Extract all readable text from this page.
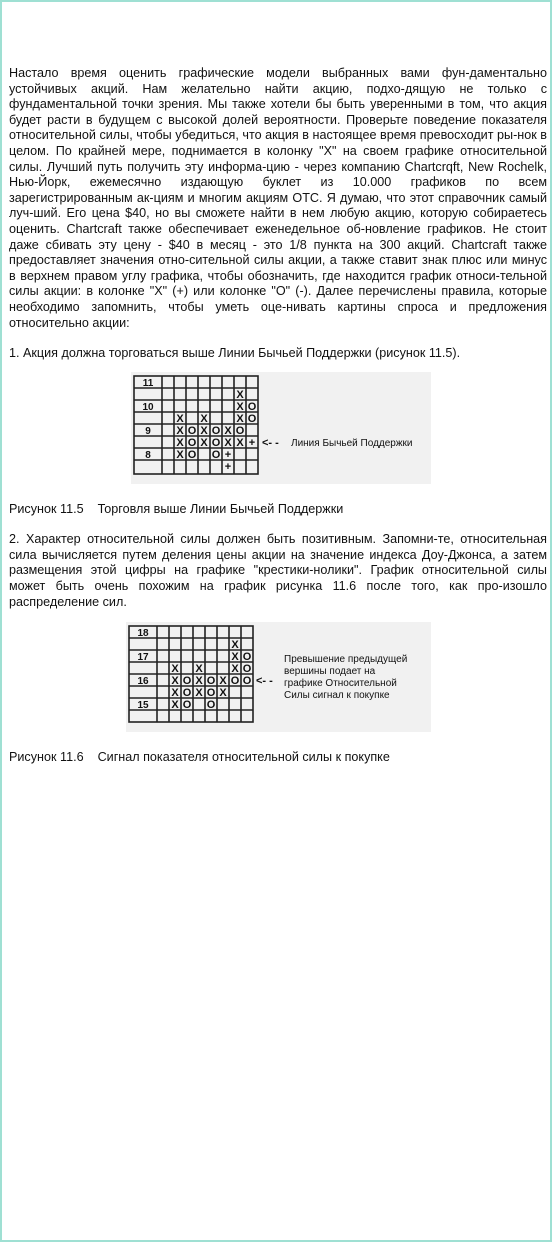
Настало время оценить графические модели выбранных вами фун-даментально устойчивых акций. Нам желательно найти акцию, подхо-дящую не только с фундаментальной точки зрения. Мы также хотели бы быть уверенными в том, что акция будет расти в будущем с высокой долей вероятности. Проверьте поведение показателя относительной силы, чтобы убедиться, что акция в настоящее время превосходит ры-нок в целом. По крайней мере, поднимается в колонку "X" на своем графике относительной силы. Лучший путь получить эту информа-цию - через компанию Chartcrqft, New Rochelk, Нью-Йорк, ежемесячно издающую буклет из 10.000 графиков по всем зарегистрированным ак-циям и многим акциям ОТС. Я думаю, что этот справочник самый луч-ший. Его цена $40, но вы сможете найти в нем любую акцию, которую собираетесь оценить. Chartcraft также обеспечивает еженедельное об-новление графиков. Не стоит даже сбивать эту цену - $40 в месяц - это 1/8 пункта на 300 акций. Chartcraft также предоставляет значения отно-сительной силы акции, а также ставит знак плюс или минус в верхнем правом углу графика, чтобы обозначить, где находится график относи-тельной силы акции: в колонке "X" (+) или колонке "О" (-). Далее перечислены правила, которые необходимо запомнить, чтобы уметь оце-нивать картины спроса и предложения относительно акции:

1. Акция должна торговаться выше Линии Бычьей Поддержки (рисунок 11.5).

11
10
9
8
X
X O
X X	X O
X O X O X O
X O X O X X +
X O O +
+
<- - Линия Бычьей Поддержки

Рисунок 11.5    Торговля выше Линии Бычьей Поддержки

2. Характер относительной силы должен быть позитивным. Запомни-те, относительная сила вычисляется путем деления цены акции на значение индекса Доу-Джонса, а затем размещения этой цифры на графике "крестики-нолики". График относительной силы может быть очень похожим на график рисунка 11.6 после того, как про-изошло распределение сил.

18
17
16
15
X
X O
X X	X O
X O X O X O O
X O X O X
X O O
<- -
Превышение предыдущей
вершины подает на
графике Относительной
Силы сигнал к покупке

Рисунок 11.6    Сигнал показателя относительной силы к покупке
